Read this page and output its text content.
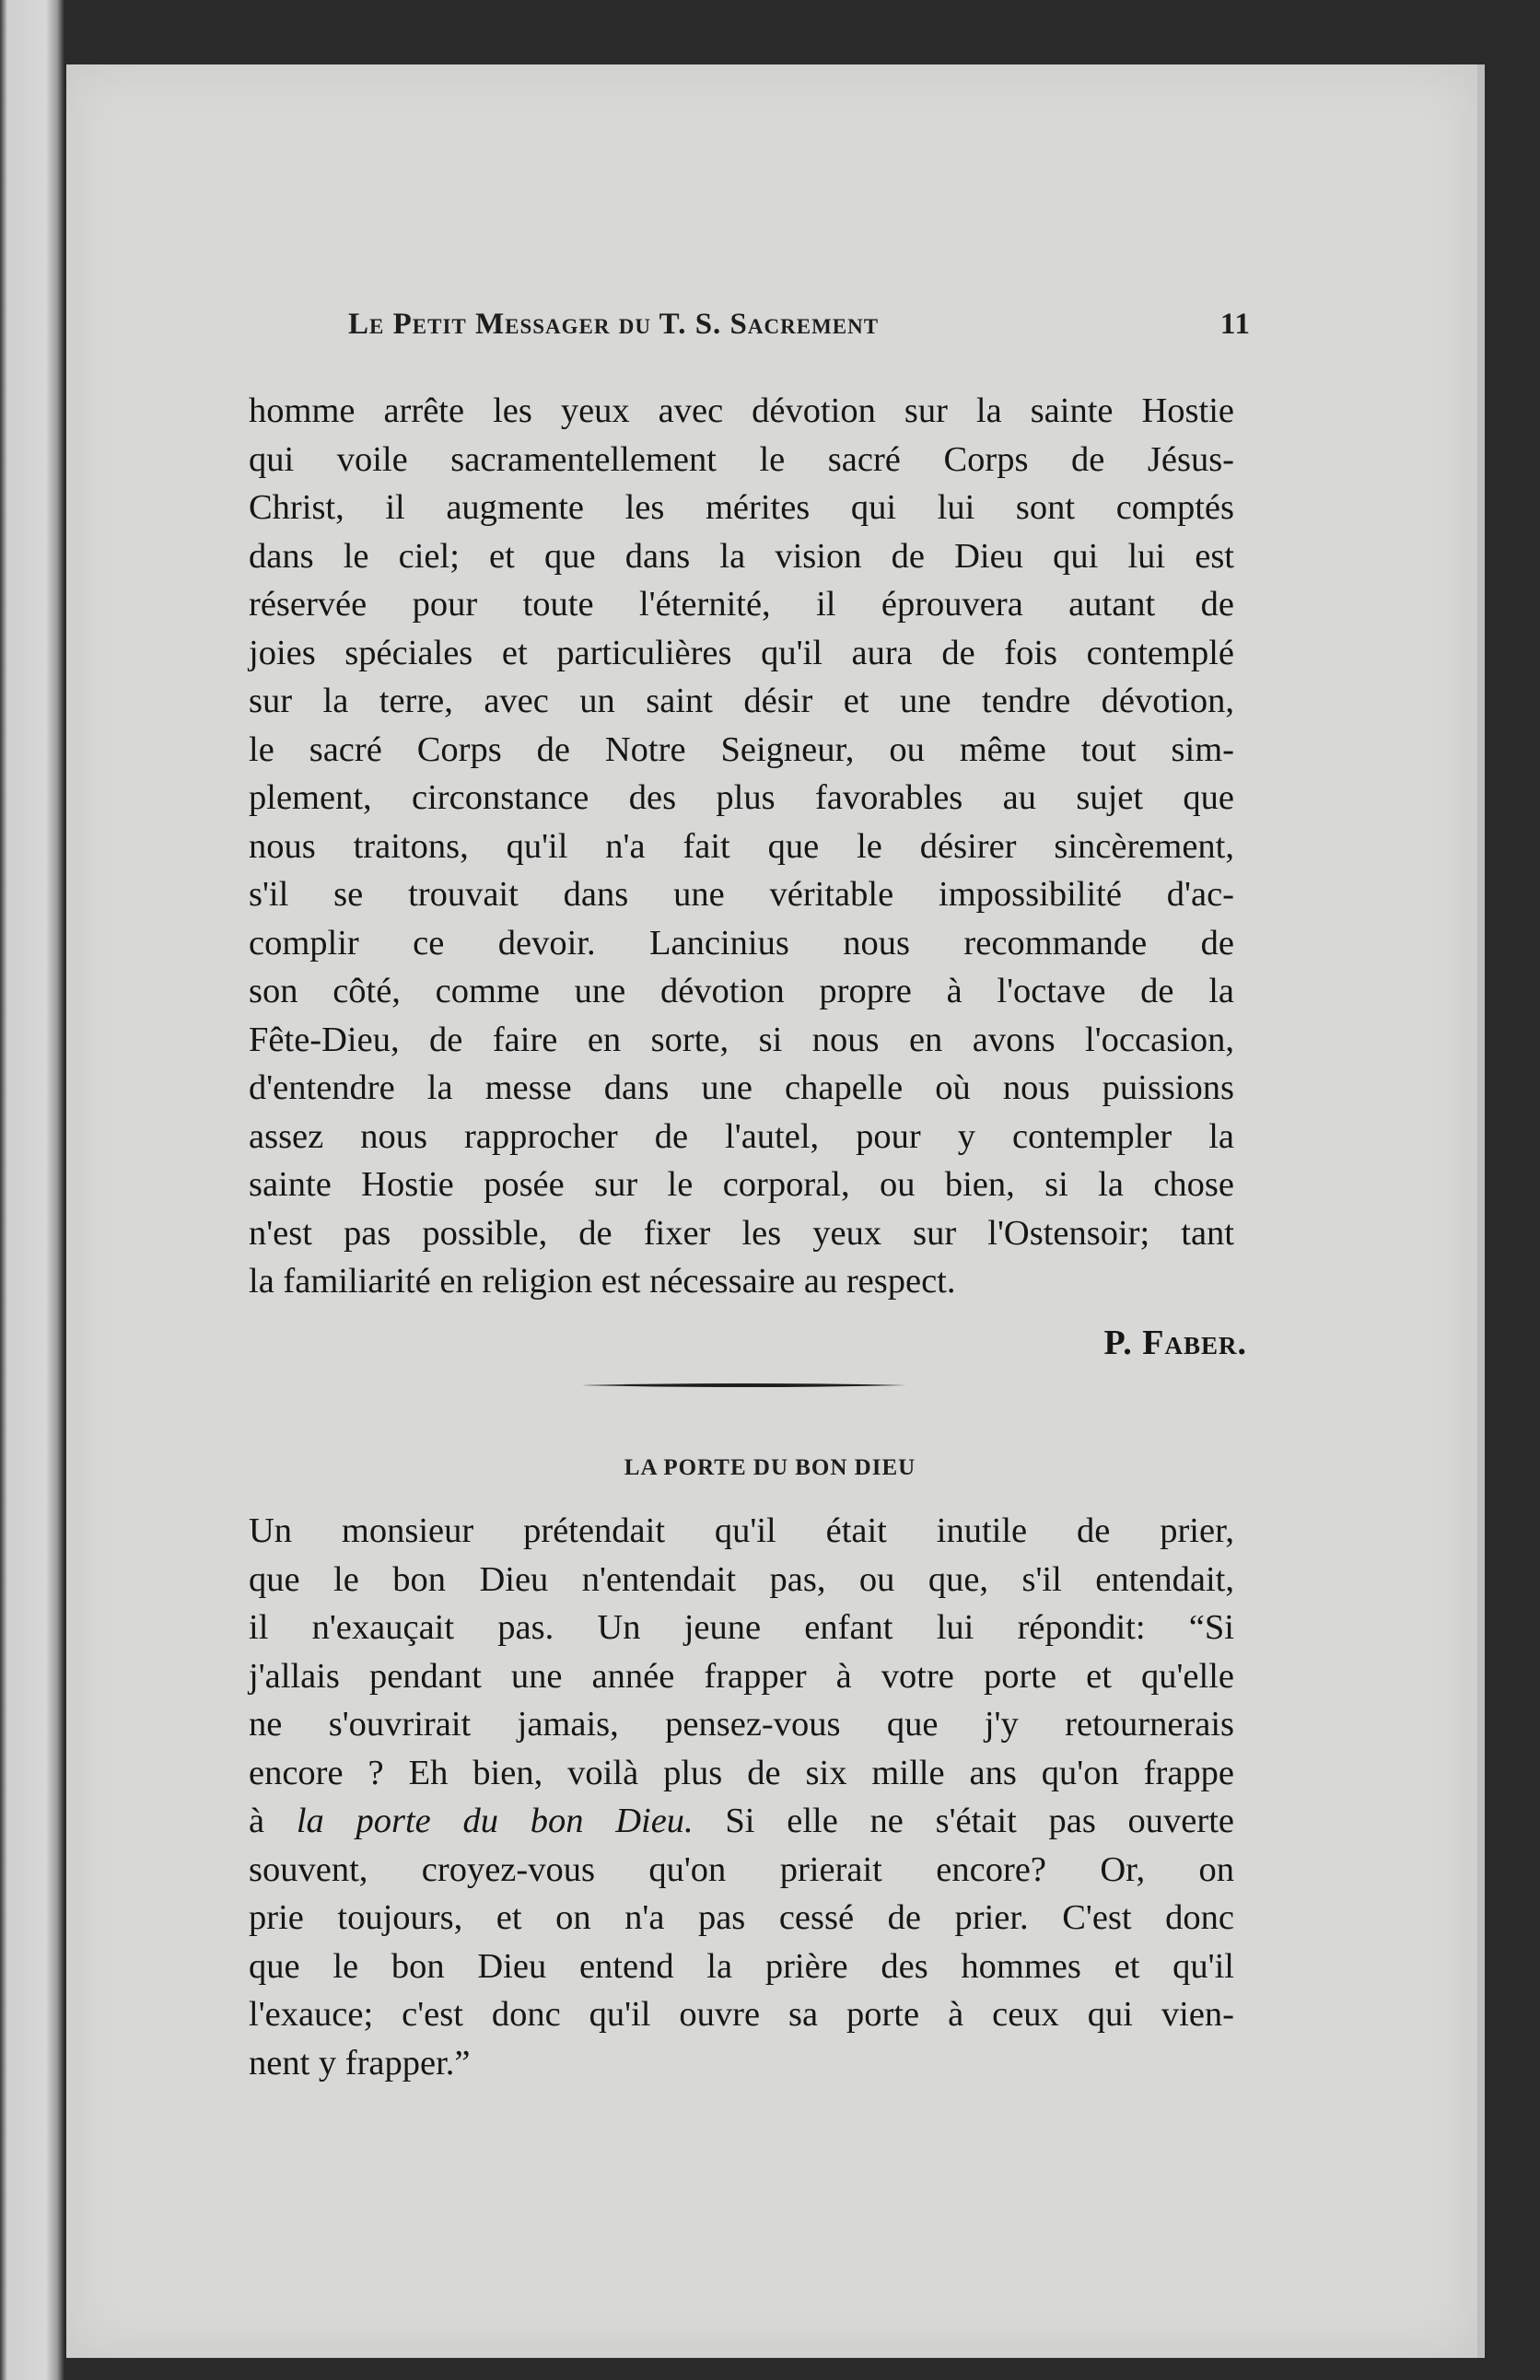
Le Petit Messager du T. S. Sacrement	11
homme arrête les yeux avec dévotion sur la sainte Hostie
qui voile sacramentellement le sacré Corps de Jésus-
Christ, il augmente les mérites qui lui sont comptés
dans le ciel; et que dans la vision de Dieu qui lui est
réservée pour toute l'éternité, il éprouvera autant de
joies spéciales et particulières qu'il aura de fois contemplé
sur la terre, avec un saint désir et une tendre dévotion,
le sacré Corps de Notre Seigneur, ou même tout sim-
plement, circonstance des plus favorables au sujet que
nous traitons, qu'il n'a fait que le désirer sincèrement,
s'il se trouvait dans une véritable impossibilité d'ac-
complir ce devoir. Lancinius nous recommande de
son côté, comme une dévotion propre à l'octave de la
Fête-Dieu, de faire en sorte, si nous en avons l'occasion,
d'entendre la messe dans une chapelle où nous puissions
assez nous rapprocher de l'autel, pour y contempler la
sainte Hostie posée sur le corporal, ou bien, si la chose
n'est pas possible, de fixer les yeux sur l'Ostensoir; tant
la familiarité en religion est nécessaire au respect.
P. Faber.
LA PORTE DU BON DIEU
Un monsieur prétendait qu'il était inutile de prier,
que le bon Dieu n'entendait pas, ou que, s'il entendait,
il n'exauçait pas. Un jeune enfant lui répondit: “Si
j'allais pendant une année frapper à votre porte et qu'elle
ne s'ouvrirait jamais, pensez-vous que j'y retournerais
encore ? Eh bien, voilà plus de six mille ans qu'on frappe
à la porte du bon Dieu. Si elle ne s'était pas ouverte
souvent, croyez-vous qu'on prierait encore? Or, on
prie toujours, et on n'a pas cessé de prier. C'est donc
que le bon Dieu entend la prière des hommes et qu'il
l'exauce; c'est donc qu'il ouvre sa porte à ceux qui vien-
nent y frapper.”
